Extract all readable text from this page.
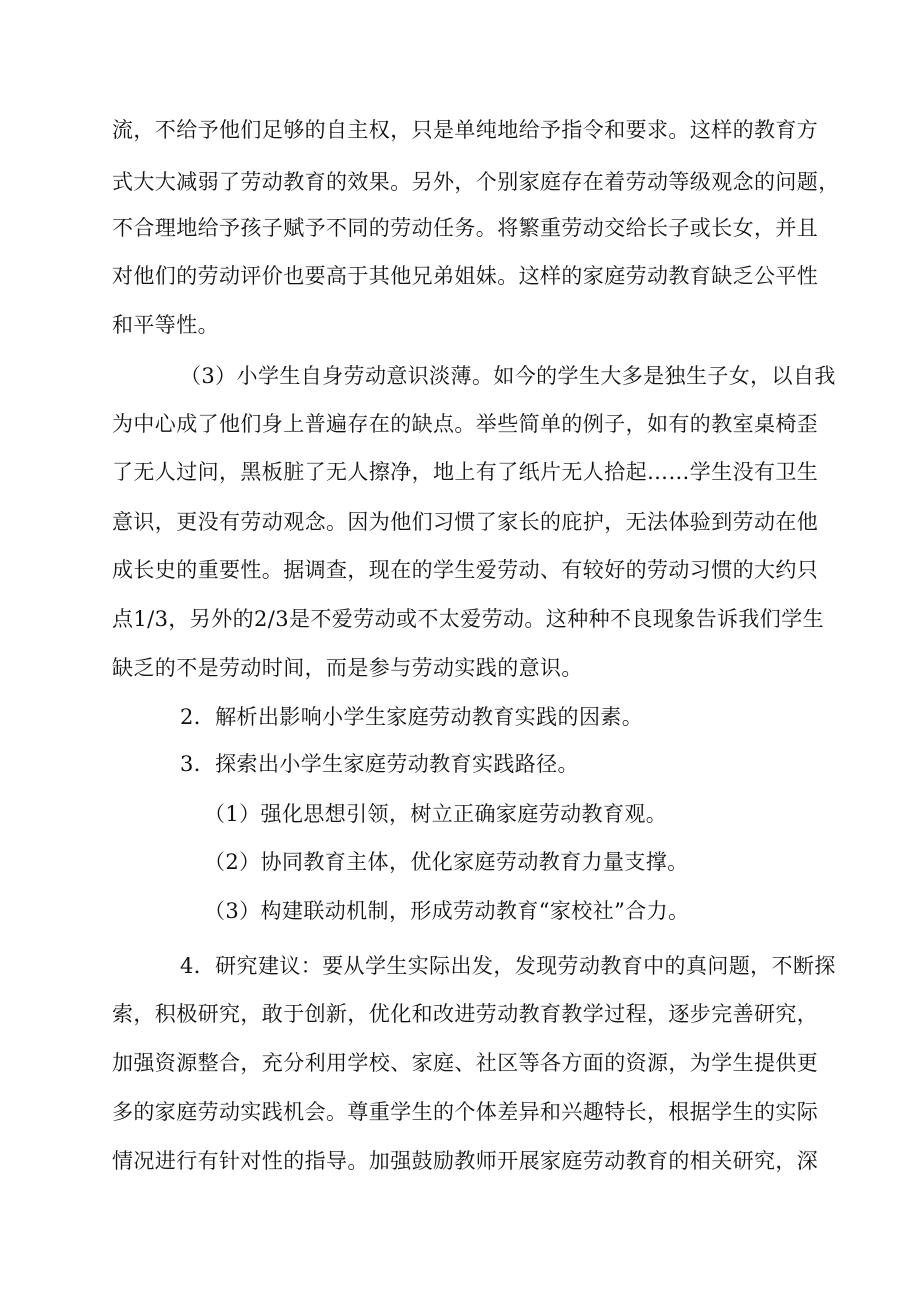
流，不给予他们足够的自主权，只是单纯地给予指令和要求。这样的教育方

式大大减弱了劳动教育的效果。另外，个别家庭存在着劳动等级观念的问题，

不合理地给予孩子赋予不同的劳动任务。将繁重劳动交给长子或长女，并且

对他们的劳动评价也要高于其他兄弟姐妹。这样的家庭劳动教育缺乏公平性

和平等性。

（3）小学生自身劳动意识淡薄。如今的学生大多是独生子女，以自我

为中心成了他们身上普遍存在的缺点。举些简单的例子，如有的教室桌椅歪

了无人过问，黑板脏了无人擦净，地上有了纸片无人拾起……学生没有卫生

意识，更没有劳动观念。因为他们习惯了家长的庇护，无法体验到劳动在他

成长史的重要性。据调查，现在的学生爱劳动、有较好的劳动习惯的大约只

点1/3，另外的2/3是不爱劳动或不太爱劳动。这种种不良现象告诉我们学生

缺乏的不是劳动时间，而是参与劳动实践的意识。

2．解析出影响小学生家庭劳动教育实践的因素。

3．探索出小学生家庭劳动教育实践路径。

（1）强化思想引领，树立正确家庭劳动教育观。

（2）协同教育主体，优化家庭劳动教育力量支撑。

（3）构建联动机制，形成劳动教育“家校社”合力。

4．研究建议：要从学生实际出发，发现劳动教育中的真问题，不断探

索，积极研究，敢于创新，优化和改进劳动教育教学过程，逐步完善研究，

加强资源整合，充分利用学校、家庭、社区等各方面的资源，为学生提供更

多的家庭劳动实践机会。尊重学生的个体差异和兴趣特长，根据学生的实际

情况进行有针对性的指导。加强鼓励教师开展家庭劳动教育的相关研究，深
